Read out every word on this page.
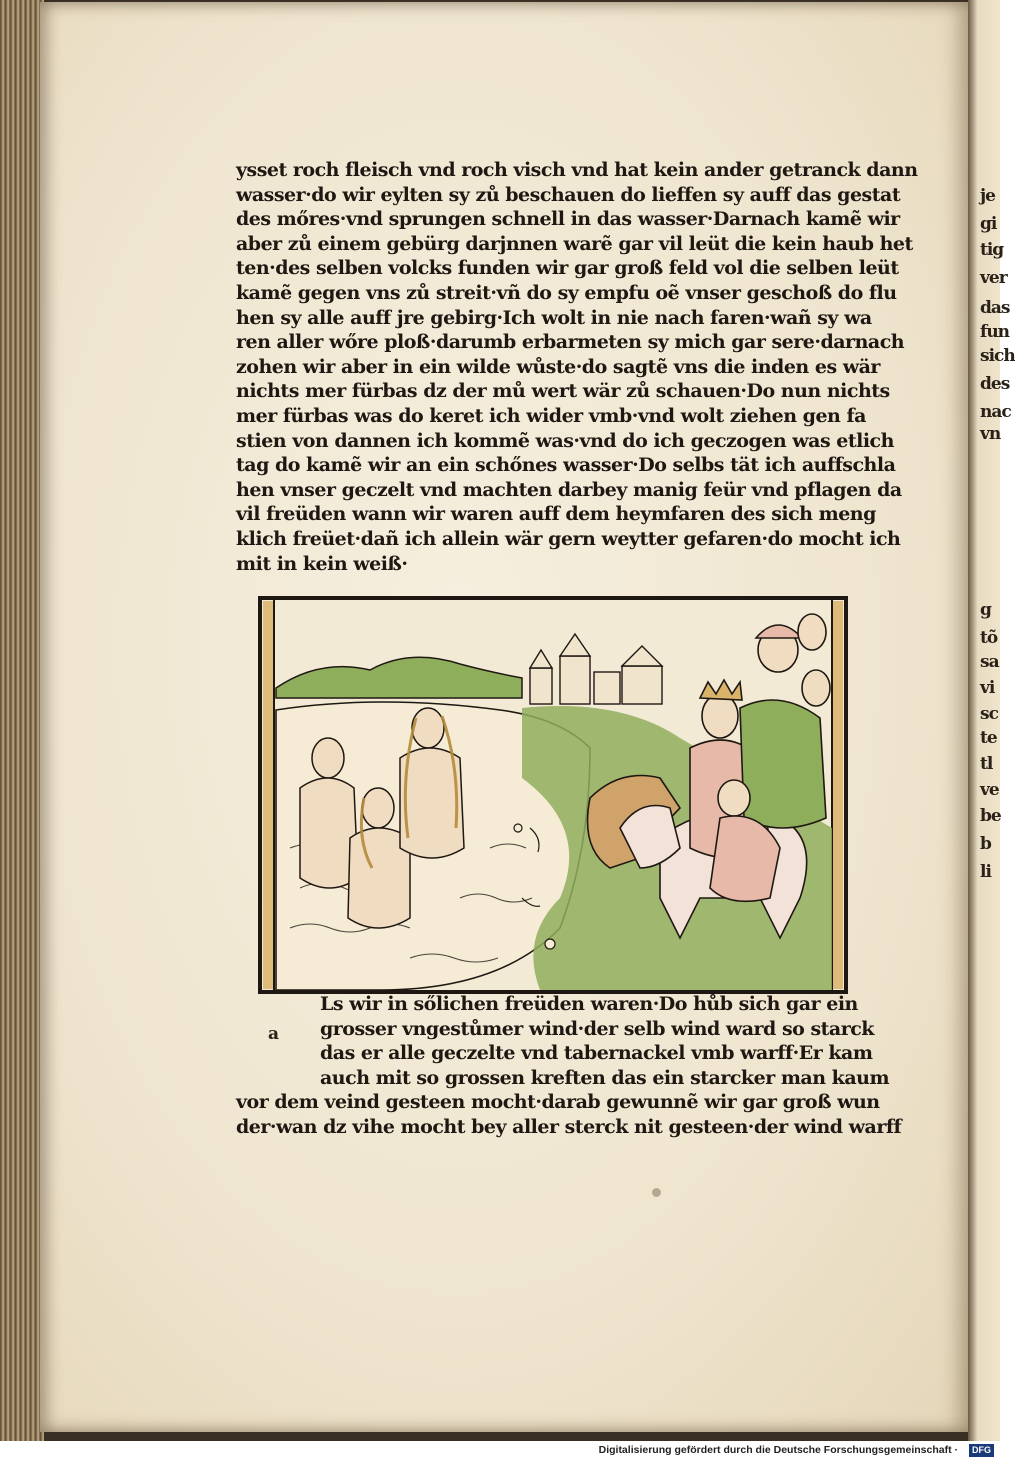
je
gi
tig
ver
das
fun
sich
des
nac
vn
g
tõ
sa
vi
sc
te
tl
ve
be
b
li
ysset roch fleisch vnd roch visch vnd hat kein ander getranck dann
wasser·do wir eylten sy zů beschauen do lieffen sy auff das gestat
des mőres·vnd sprungen schnell in das wasser·Darnach kamẽ wir
aber zů einem gebürg darjnnen warẽ gar vil leüt die kein haub het
ten·des selben volcks funden wir gar groß feld vol die selben leüt
kamẽ gegen vns zů streit·vñ do sy empfu oẽ vnser geschoß do flu
hen sy alle auff jre gebirg·Ich wolt in nie nach faren·wañ sy wa
ren aller wőre ploß·darumb erbarmeten sy mich gar sere·darnach
zohen wir aber in ein wilde wůste·do sagtẽ vns die inden es wär
nichts mer fürbas dz der mů wert wär zů schauen·Do nun nichts
mer fürbas was do keret ich wider vmb·vnd wolt ziehen gen fa
stien von dannen ich kommẽ was·vnd do ich geczogen was etlich
tag do kamẽ wir an ein schőnes wasser·Do selbs tät ich auffschla
hen vnser geczelt vnd machten darbey manig feür vnd pflagen da
vil freüden wann wir waren auff dem heymfaren des sich meng
klich freüet·dañ ich allein wär gern weytter gefaren·do mocht ich
mit in kein weiß·
a
Ls wir in sőlichen freüden waren·Do hůb sich gar ein
grosser vngestůmer wind·der selb wind ward so starck
das er alle geczelte vnd tabernackel vmb warff·Er kam
auch mit so grossen kreften das ein starcker man kaum
vor dem veind gesteen mocht·darab gewunnẽ wir gar groß wun
der·wan dz vihe mocht bey aller sterck nit gesteen·der wind warff
Digitalisierung gefördert durch die Deutsche Forschungsgemeinschaft ·	DFG
